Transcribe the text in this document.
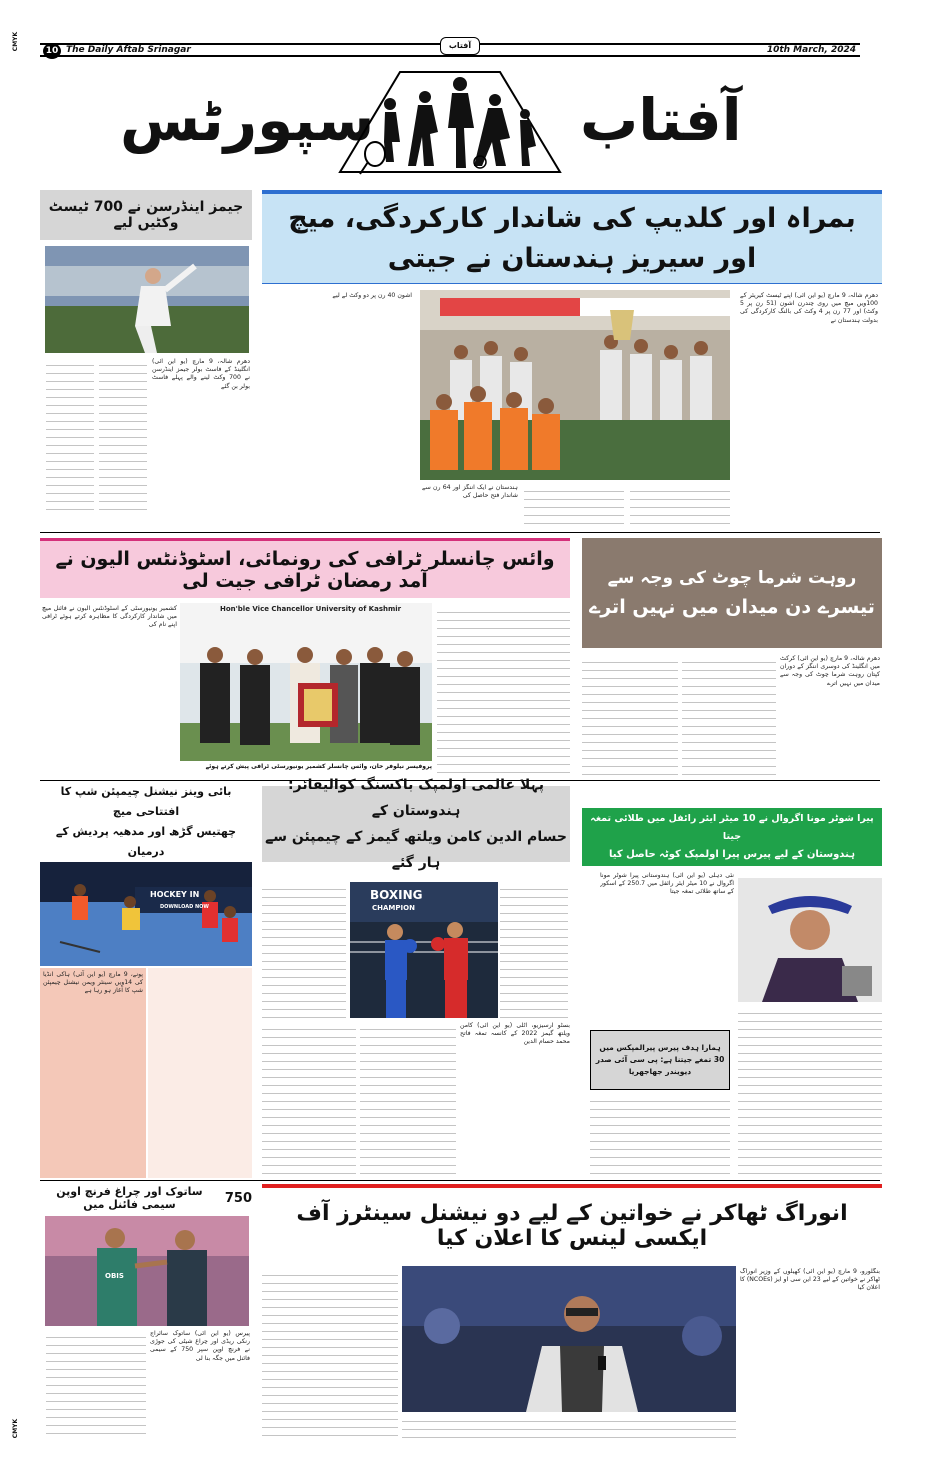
CMYK
CMYK
10 The Daily Aftab Srinagar	آفتاب	10th March, 2024
سپورٹس	آفتاب
بمراہ اور کلدیپ کی شاندار کارکردگی، میچ اور سیریز ہندستان نے جیتی
جیمز اینڈرسن نے 700 ٹیسٹ وکٹیں لیے
دھرم شالہ، 9 مارچ (یو این آئی) انگلینڈ کے فاسٹ بولر جیمز اینڈرسن نے 700 وکٹ لینے والے پہلے فاسٹ بولر بن گئے
دھرم شالہ، 9 مارچ (یو این آئی) اپنے ٹیسٹ کیریئر کے 100ویں میچ میں روی چندرن اشون (51 رن پر 5 وکٹ) اور 77 رن پر 4 وکٹ کی بالنگ کارکردگی کی بدولت ہندستان نے
ہندستان نے ایک اننگز اور 64 رن سے شاندار فتح حاصل کی
اشون 40 رن پر دو وکٹ لے لیے
وائس چانسلر ٹرافی کی رونمائی، اسٹوڈنٹس الیون نے آمد رمضان ٹرافی جیت لی
کشمیر یونیورسٹی کے اسٹوڈنٹس الیون نے فائنل میچ میں شاندار کارکردگی کا مظاہرہ کرتے ہوئے ٹرافی اپنے نام کی
Hon'ble Vice Chancellor University of Kashmir
پروفیسر نیلوفر خان، وائس چانسلر کشمیر یونیورسٹی ٹرافی پیش کرتے ہوئے
روہت شرما چوٹ کی وجہ سے
تیسرے دن میدان میں نہیں اترے
دھرم شالہ، 9 مارچ (یو این آئی) کرکٹ میں انگلینڈ کی دوسری اننگز کے دوران کپتان روہت شرما چوٹ کی وجہ سے میدان میں نہیں اترے
بائی وینز نیشنل چیمپئن شپ کا افتتاحی میچ
چھتیس گڑھ اور مدھیہ پردیش کے درمیان
HOCKEY IN
DOWNLOAD NOW
پونے، 9 مارچ (یو این آئی) ہاکی انڈیا کی 14ویں سینئر ویمن نیشنل چیمپئن شپ کا آغاز ہو رہا ہے
پہلا عالمی اولمپک باکسنگ کوالیفائر: ہندوستان کے
حسام الدین کامن ویلتھ گیمز کے چیمپئن سے ہار گئے
BOXING
CHAMPION
بسٹو آرسیزیو، اٹلی (یو این آئی) کامن ویلتھ گیمز 2022 کے کانسہ تمغہ فاتح محمد حسام الدین
پیرا شوٹر مونا اگروال نے 10 میٹر ایئر رائفل میں طلائی تمغہ جیتا
ہندوستان کے لیے پیرس پیرا اولمپک کوٹہ حاصل کیا
نئی دہلی (یو این آئی) ہندوستانی پیرا شوٹر مونا اگروال نے 10 میٹر ایئر رائفل میں 250.7 کے اسکور کے ساتھ طلائی تمغہ جیتا
ہمارا ہدف پیرس پیرالمپکس میں 30 تمغے جیتنا ہے: پی سی آئی صدر دیویندر جھاجھریا
750
ساتوک اور چراغ فرنچ اوپن سیمی فائنل میں
OBIS
پیرس (یو این آئی) ساتوک سائراج رنکی ریڈی اور چراغ شیٹی کی جوڑی نے فرنچ اوپن سپر 750 کے سیمی فائنل میں جگہ بنا لی
انوراگ ٹھاکر نے خواتین کے لیے دو نیشنل سینٹرز آف ایکسی لینس کا اعلان کیا
بنگلورو، 9 مارچ (یو این آئی) کھیلوں کے وزیر انوراگ ٹھاکر نے خواتین کے لیے 23 این سی او ایز (NCOEs) کا اعلان کیا
